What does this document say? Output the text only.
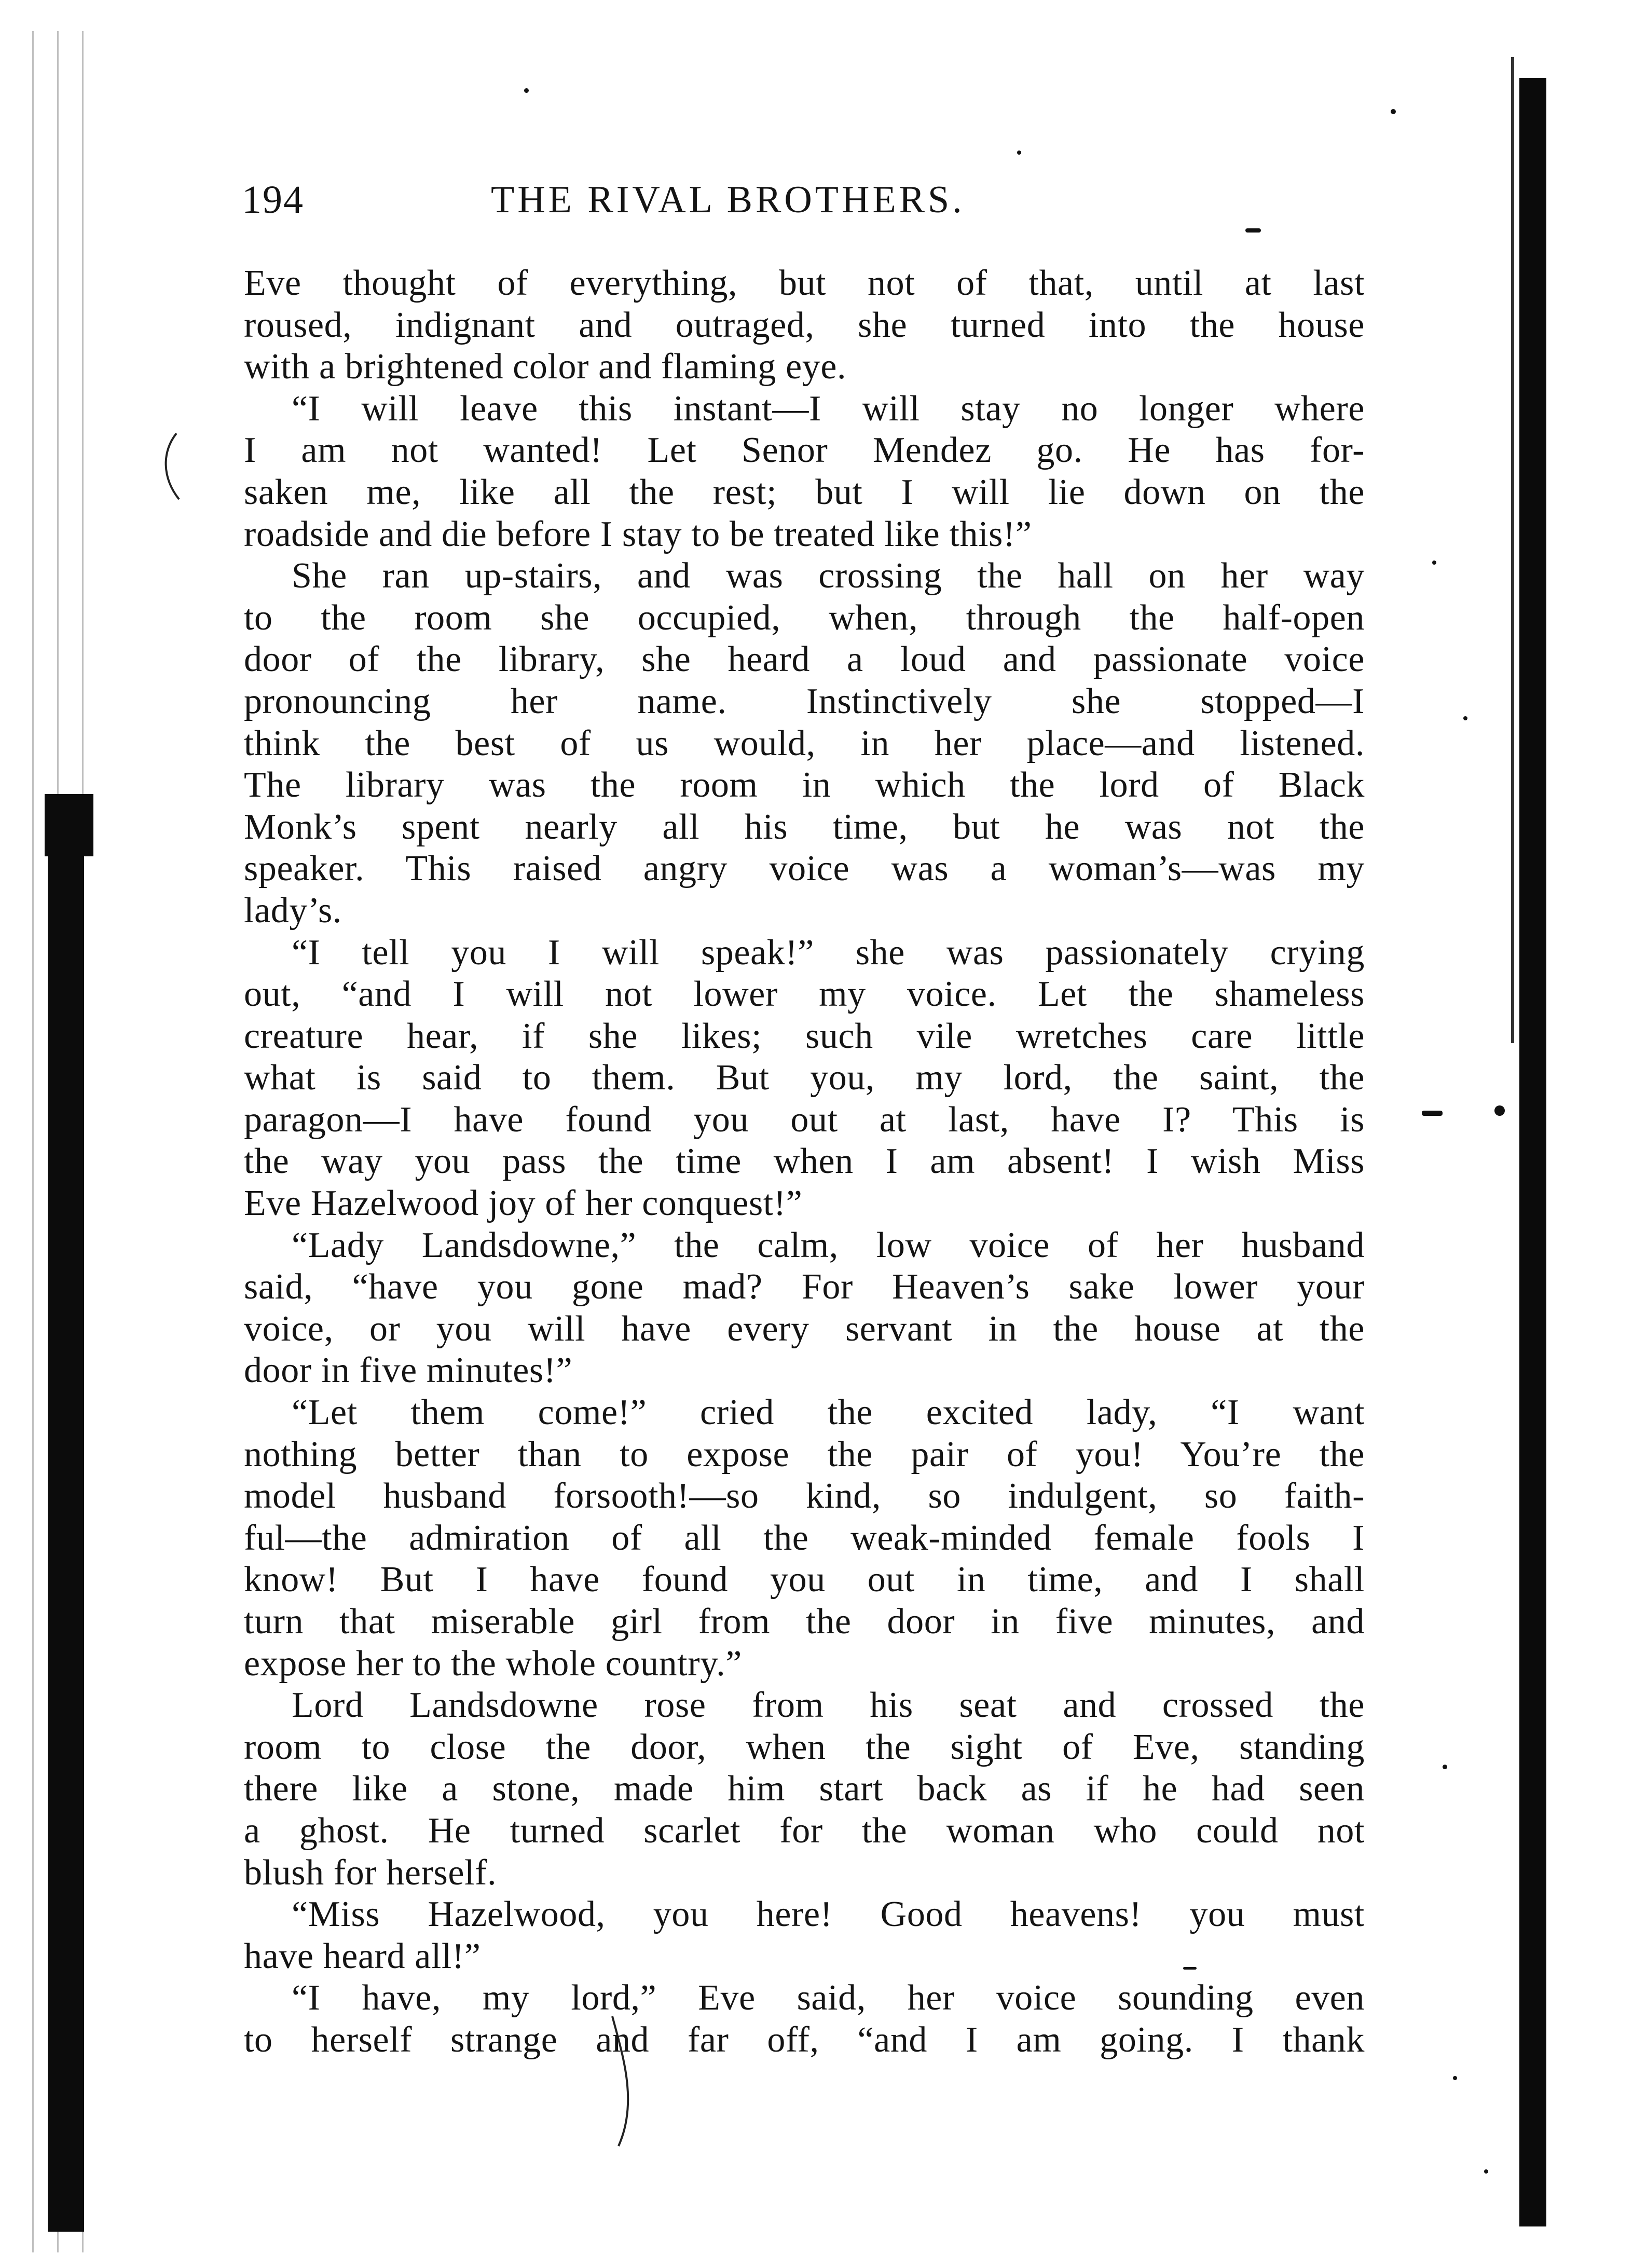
194	THE RIVAL BROTHERS.

Eve thought of everything, but not of that, until at last
roused, indignant and outraged, she turned into the house
with a brightened color and flaming eye.

“I will leave this instant—I will stay no longer where
I am not wanted! Let Senor Mendez go. He has for-
saken me, like all the rest; but I will lie down on the
roadside and die before I stay to be treated like this!”

She ran up-stairs, and was crossing the hall on her way
to the room she occupied, when, through the half-open
door of the library, she heard a loud and passionate voice
pronouncing her name. Instinctively she stopped—I
think the best of us would, in her place—and listened.
The library was the room in which the lord of Black
Monk’s spent nearly all his time, but he was not the
speaker. This raised angry voice was a woman’s—was my
lady’s.

“I tell you I will speak!” she was passionately crying
out, “and I will not lower my voice. Let the shameless
creature hear, if she likes; such vile wretches care little
what is said to them. But you, my lord, the saint, the
paragon—I have found you out at last, have I? This is
the way you pass the time when I am absent! I wish Miss
Eve Hazelwood joy of her conquest!”

“Lady Landsdowne,” the calm, low voice of her husband
said, “have you gone mad? For Heaven’s sake lower your
voice, or you will have every servant in the house at the
door in five minutes!”

“Let them come!” cried the excited lady, “I want
nothing better than to expose the pair of you! You’re the
model husband forsooth!—so kind, so indulgent, so faith-
ful—the admiration of all the weak-minded female fools I
know! But I have found you out in time, and I shall
turn that miserable girl from the door in five minutes, and
expose her to the whole country.”

Lord Landsdowne rose from his seat and crossed the
room to close the door, when the sight of Eve, standing
there like a stone, made him start back as if he had seen
a ghost. He turned scarlet for the woman who could not
blush for herself.

“Miss Hazelwood, you here! Good heavens! you must
have heard all!”

“I have, my lord,” Eve said, her voice sounding even
to herself strange and far off, “and I am going. I thank
